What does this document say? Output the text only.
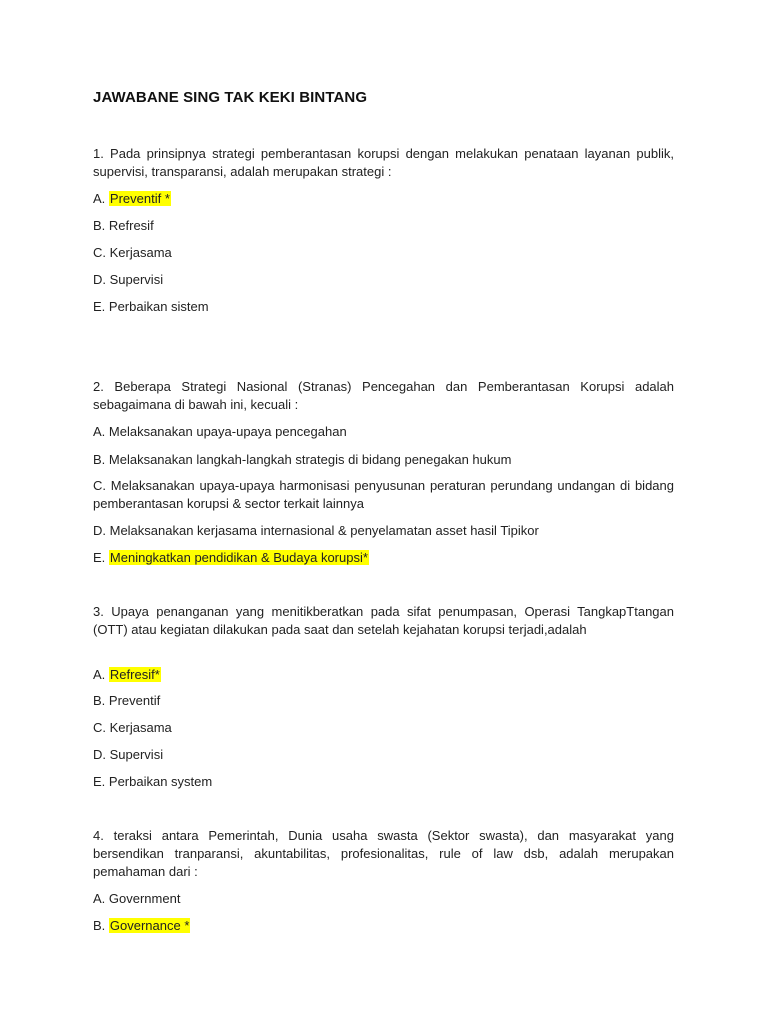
JAWABANE SING TAK KEKI BINTANG
1. Pada prinsipnya strategi pemberantasan korupsi dengan melakukan penataan layanan publik, supervisi, transparansi, adalah merupakan strategi :
A. Preventif *
B. Refresif
C. Kerjasama
D. Supervisi
E. Perbaikan sistem
2. Beberapa Strategi Nasional (Stranas) Pencegahan dan Pemberantasan Korupsi adalah sebagaimana di bawah ini, kecuali :
A. Melaksanakan upaya-upaya pencegahan
B. Melaksanakan langkah-langkah strategis di bidang penegakan hukum
C. Melaksanakan upaya-upaya harmonisasi penyusunan peraturan perundang undangan di bidang pemberantasan korupsi & sector terkait lainnya
D. Melaksanakan kerjasama internasional & penyelamatan asset hasil Tipikor
E. Meningkatkan pendidikan & Budaya korupsi*
3. Upaya penanganan yang menitikberatkan pada sifat penumpasan, Operasi TangkapTtangan (OTT) atau kegiatan dilakukan pada saat dan setelah kejahatan korupsi terjadi,adalah
A. Refresif*
B. Preventif
C. Kerjasama
D. Supervisi
E. Perbaikan system
4. teraksi antara Pemerintah, Dunia usaha swasta (Sektor swasta), dan masyarakat yang bersendikan tranparansi, akuntabilitas, profesionalitas, rule of law dsb, adalah merupakan pemahaman dari :
A. Government
B. Governance *
